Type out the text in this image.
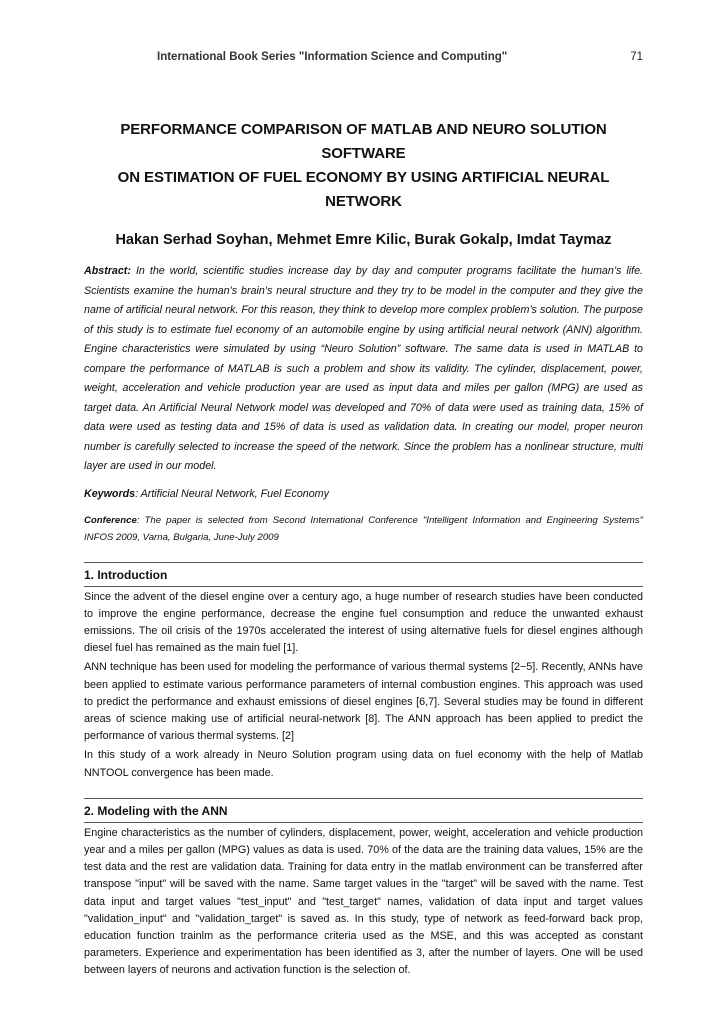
International Book Series "Information Science and Computing"	71
PERFORMANCE COMPARISON OF MATLAB AND NEURO SOLUTION SOFTWARE
ON ESTIMATION OF FUEL ECONOMY BY USING ARTIFICIAL NEURAL NETWORK
Hakan Serhad Soyhan, Mehmet Emre Kilic, Burak Gokalp, Imdat Taymaz

Abstract: In the world, scientific studies increase day by day and computer programs facilitate the human’s life. Scientists examine the human’s brain’s neural structure and they try to be model in the computer and they give the name of artificial neural network. For this reason, they think to develop more complex problem’s solution. The purpose of this study is to estimate fuel economy of an automobile engine by using artificial neural network (ANN) algorithm. Engine characteristics were simulated by using “Neuro Solution” software. The same data is used in MATLAB to compare the performance of MATLAB is such a problem and show its validity. The cylinder, displacement, power, weight, acceleration and vehicle production year are used as input data and miles per gallon (MPG) are used as target data. An Artificial Neural Network model was developed and 70% of data were used as training data, 15% of data were used as testing data and 15% of data is used as validation data. In creating our model, proper neuron number is carefully selected to increase the speed of the network. Since the problem has a nonlinear structure, multi layer are used in our model.

Keywords: Artificial Neural Network, Fuel Economy

Conference: The paper is selected from Second International Conference "Intelligent Information and Engineering Systems" INFOS 2009, Varna, Bulgaria, June-July 2009

1. Introduction

Since the advent of the diesel engine over a century ago, a huge number of research studies have been conducted to improve the engine performance, decrease the engine fuel consumption and reduce the unwanted exhaust emissions. The oil crisis of the 1970s accelerated the interest of using alternative fuels for diesel engines although diesel fuel has remained as the main fuel [1].

ANN technique has been used for modeling the performance of various thermal systems [2−5]. Recently, ANNs have been applied to estimate various performance parameters of internal combustion engines. This approach was used to predict the performance and exhaust emissions of diesel engines [6,7]. Several studies may be found in different areas of science making use of artificial neural-network [8]. The ANN approach has been applied to predict the performance of various thermal systems. [2]

In this study of a work already in Neuro Solution program using data on fuel economy with the help of Matlab NNTOOL convergence has been made.

2. Modeling with the ANN

Engine characteristics as the number of cylinders, displacement, power, weight, acceleration and vehicle production year and a miles per gallon (MPG) values as data is used. 70% of the data are the training data values, 15% are the test data and the rest are validation data. Training for data entry in the matlab environment can be transferred after transpose "input" will be saved with the name. Same target values in the "target" will be saved with the name. Test data input and target values "test_input" and "test_target" names, validation of data input and target values "validation_input" and "validation_target" is saved as. In this study, type of network as feed-forward back prop, education function trainlm as the performance criteria used as the MSE, and this was accepted as constant parameters. Experience and experimentation has been identified as 3, after the number of layers. One will be used between layers of neurons and activation function is the selection of.
